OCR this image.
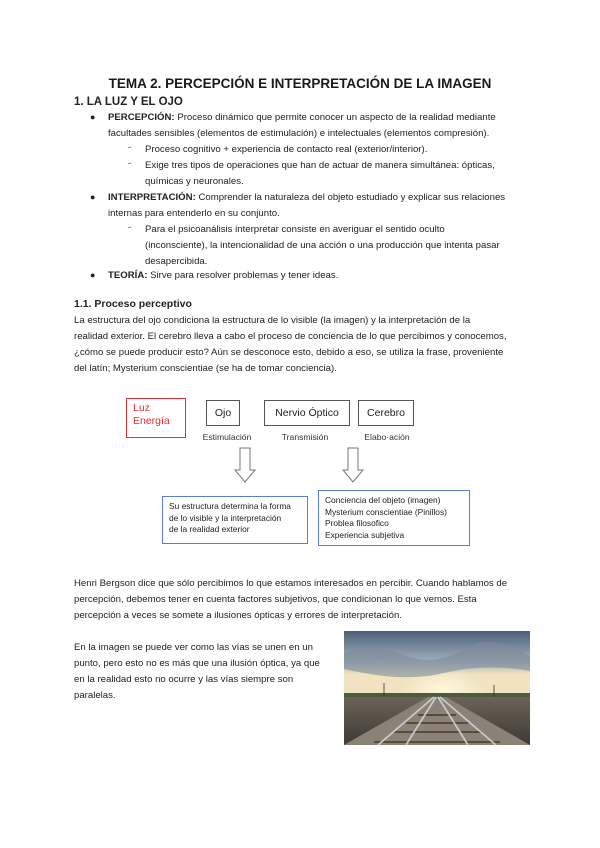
TEMA 2. PERCEPCIÓN E INTERPRETACIÓN DE LA IMAGEN
1. LA LUZ Y EL OJO
● PERCEPCIÓN: Proceso dinámico que permite conocer un aspecto de la realidad mediante

facultades sensibles (elementos de estimulación) e intelectuales (elementos compresión).

- Proceso cognitivo + experiencia de contacto real (exterior/interior).

- Exige tres tipos de operaciones que han de actuar de manera simultánea: ópticas,

químicas y neuronales.

● INTERPRETACIÓN: Comprender la naturaleza del objeto estudiado y explicar sus relaciones

internas para entenderlo en su conjunto.

- Para el psicoanálisis interpretar consiste en averiguar el sentido oculto

(inconsciente), la intencionalidad de una acción o una producción que intenta pasar

desapercibida.

● TEORÍA: Sirve para resolver problemas y tener ideas.

1.1. Proceso perceptivo

La estructura del ojo condiciona la estructura de lo visible (la imagen) y la interpretación de la

realidad exterior. El cerebro lleva a cabo el proceso de conciencia de lo que percibimos y conocemos,

¿cómo se puede producir esto? Aún se desconoce esto, debido a eso, se utiliza la frase, proveniente

del latín; Mysterium conscientiae (se ha de tomar conciencia).

Luz
Energía
Ojo	Nervio Óptico	Cerebro
Estimulación	Transmisión	Elabo·ación
Su estructura determina la forma
de lo visible y la interpretación
de la realidad exterior
Conciencia del objeto (imagen)
Mysterium conscientiae (Pinillos)
Problea filosofico
Experiencia subjetiva

Henri Bergson dice que sólo percibimos lo que estamos interesados en percibir. Cuando hablamos de

percepción, debemos tener en cuenta factores subjetivos, que condicionan lo que vemos. Esta

percepción a veces se somete a ilusiones ópticas y errores de interpretación.

En la imagen se puede ver como las vías se unen en un

punto, pero esto no es más que una ilusión óptica, ya que

en la realidad esto no ocurre y las vías siempre son

paralelas.
